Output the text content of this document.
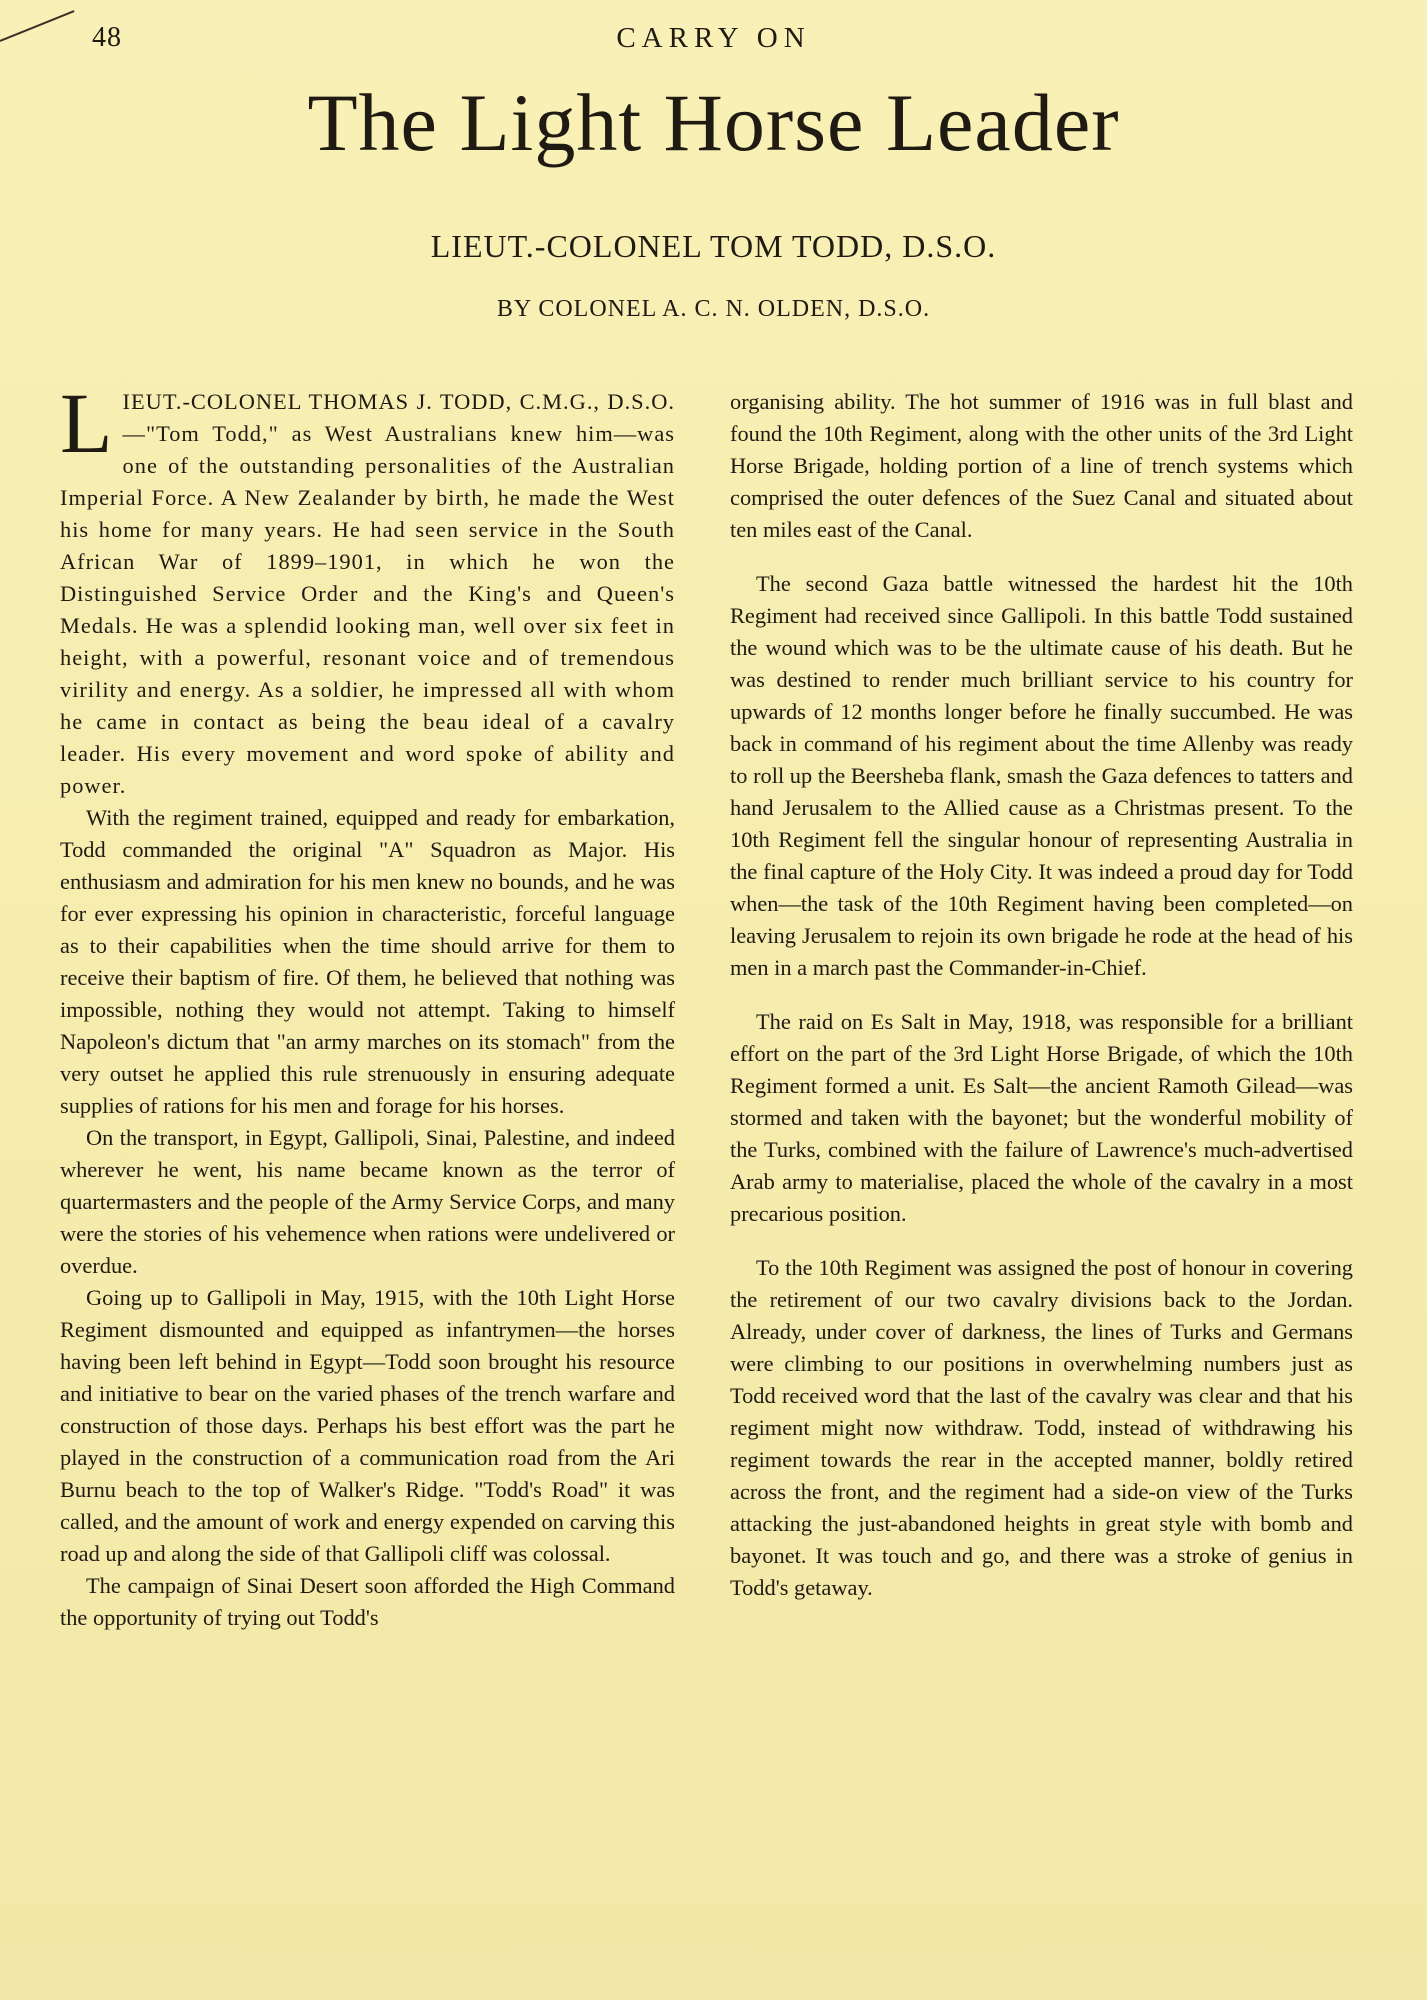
48	CARRY ON
The Light Horse Leader
LIEUT.-COLONEL TOM TODD, D.S.O.
BY COLONEL A. C. N. OLDEN, D.S.O.

LIEUT.-COLONEL THOMAS J. TODD, C.M.G., D.S.O.—"Tom Todd," as West Australians knew him—was one of the outstanding personalities of the Australian Imperial Force. A New Zealander by birth, he made the West his home for many years. He had seen service in the South African War of 1899–1901, in which he won the Distinguished Service Order and the King's and Queen's Medals. He was a splendid looking man, well over six feet in height, with a powerful, resonant voice and of tremendous virility and energy. As a soldier, he impressed all with whom he came in contact as being the beau ideal of a cavalry leader. His every movement and word spoke of ability and power.

With the regiment trained, equipped and ready for embarkation, Todd commanded the original "A" Squadron as Major. His enthusiasm and admiration for his men knew no bounds, and he was for ever expressing his opinion in characteristic, forceful language as to their capabilities when the time should arrive for them to receive their baptism of fire. Of them, he believed that nothing was impossible, nothing they would not attempt. Taking to himself Napoleon's dictum that "an army marches on its stomach" from the very outset he applied this rule strenuously in ensuring adequate supplies of rations for his men and forage for his horses.

On the transport, in Egypt, Gallipoli, Sinai, Palestine, and indeed wherever he went, his name became known as the terror of quartermasters and the people of the Army Service Corps, and many were the stories of his vehemence when rations were undelivered or overdue.

Going up to Gallipoli in May, 1915, with the 10th Light Horse Regiment dismounted and equipped as infantrymen—the horses having been left behind in Egypt—Todd soon brought his resource and initiative to bear on the varied phases of the trench warfare and construction of those days. Perhaps his best effort was the part he played in the construction of a communication road from the Ari Burnu beach to the top of Walker's Ridge. "Todd's Road" it was called, and the amount of work and energy expended on carving this road up and along the side of that Gallipoli cliff was colossal.

The campaign of Sinai Desert soon afforded the High Command the opportunity of trying out Todd's

organising ability. The hot summer of 1916 was in full blast and found the 10th Regiment, along with the other units of the 3rd Light Horse Brigade, holding portion of a line of trench systems which comprised the outer defences of the Suez Canal and situated about ten miles east of the Canal.

The second Gaza battle witnessed the hardest hit the 10th Regiment had received since Gallipoli. In this battle Todd sustained the wound which was to be the ultimate cause of his death. But he was destined to render much brilliant service to his country for upwards of 12 months longer before he finally succumbed. He was back in command of his regiment about the time Allenby was ready to roll up the Beersheba flank, smash the Gaza defences to tatters and hand Jerusalem to the Allied cause as a Christmas present. To the 10th Regiment fell the singular honour of representing Australia in the final capture of the Holy City. It was indeed a proud day for Todd when—the task of the 10th Regiment having been completed—on leaving Jerusalem to rejoin its own brigade he rode at the head of his men in a march past the Commander-in-Chief.

The raid on Es Salt in May, 1918, was responsible for a brilliant effort on the part of the 3rd Light Horse Brigade, of which the 10th Regiment formed a unit. Es Salt—the ancient Ramoth Gilead—was stormed and taken with the bayonet; but the wonderful mobility of the Turks, combined with the failure of Lawrence's much-advertised Arab army to materialise, placed the whole of the cavalry in a most precarious position.

To the 10th Regiment was assigned the post of honour in covering the retirement of our two cavalry divisions back to the Jordan. Already, under cover of darkness, the lines of Turks and Germans were climbing to our positions in overwhelming numbers just as Todd received word that the last of the cavalry was clear and that his regiment might now withdraw. Todd, instead of withdrawing his regiment towards the rear in the accepted manner, boldly retired across the front, and the regiment had a side-on view of the Turks attacking the just-abandoned heights in great style with bomb and bayonet. It was touch and go, and there was a stroke of genius in Todd's getaway.
